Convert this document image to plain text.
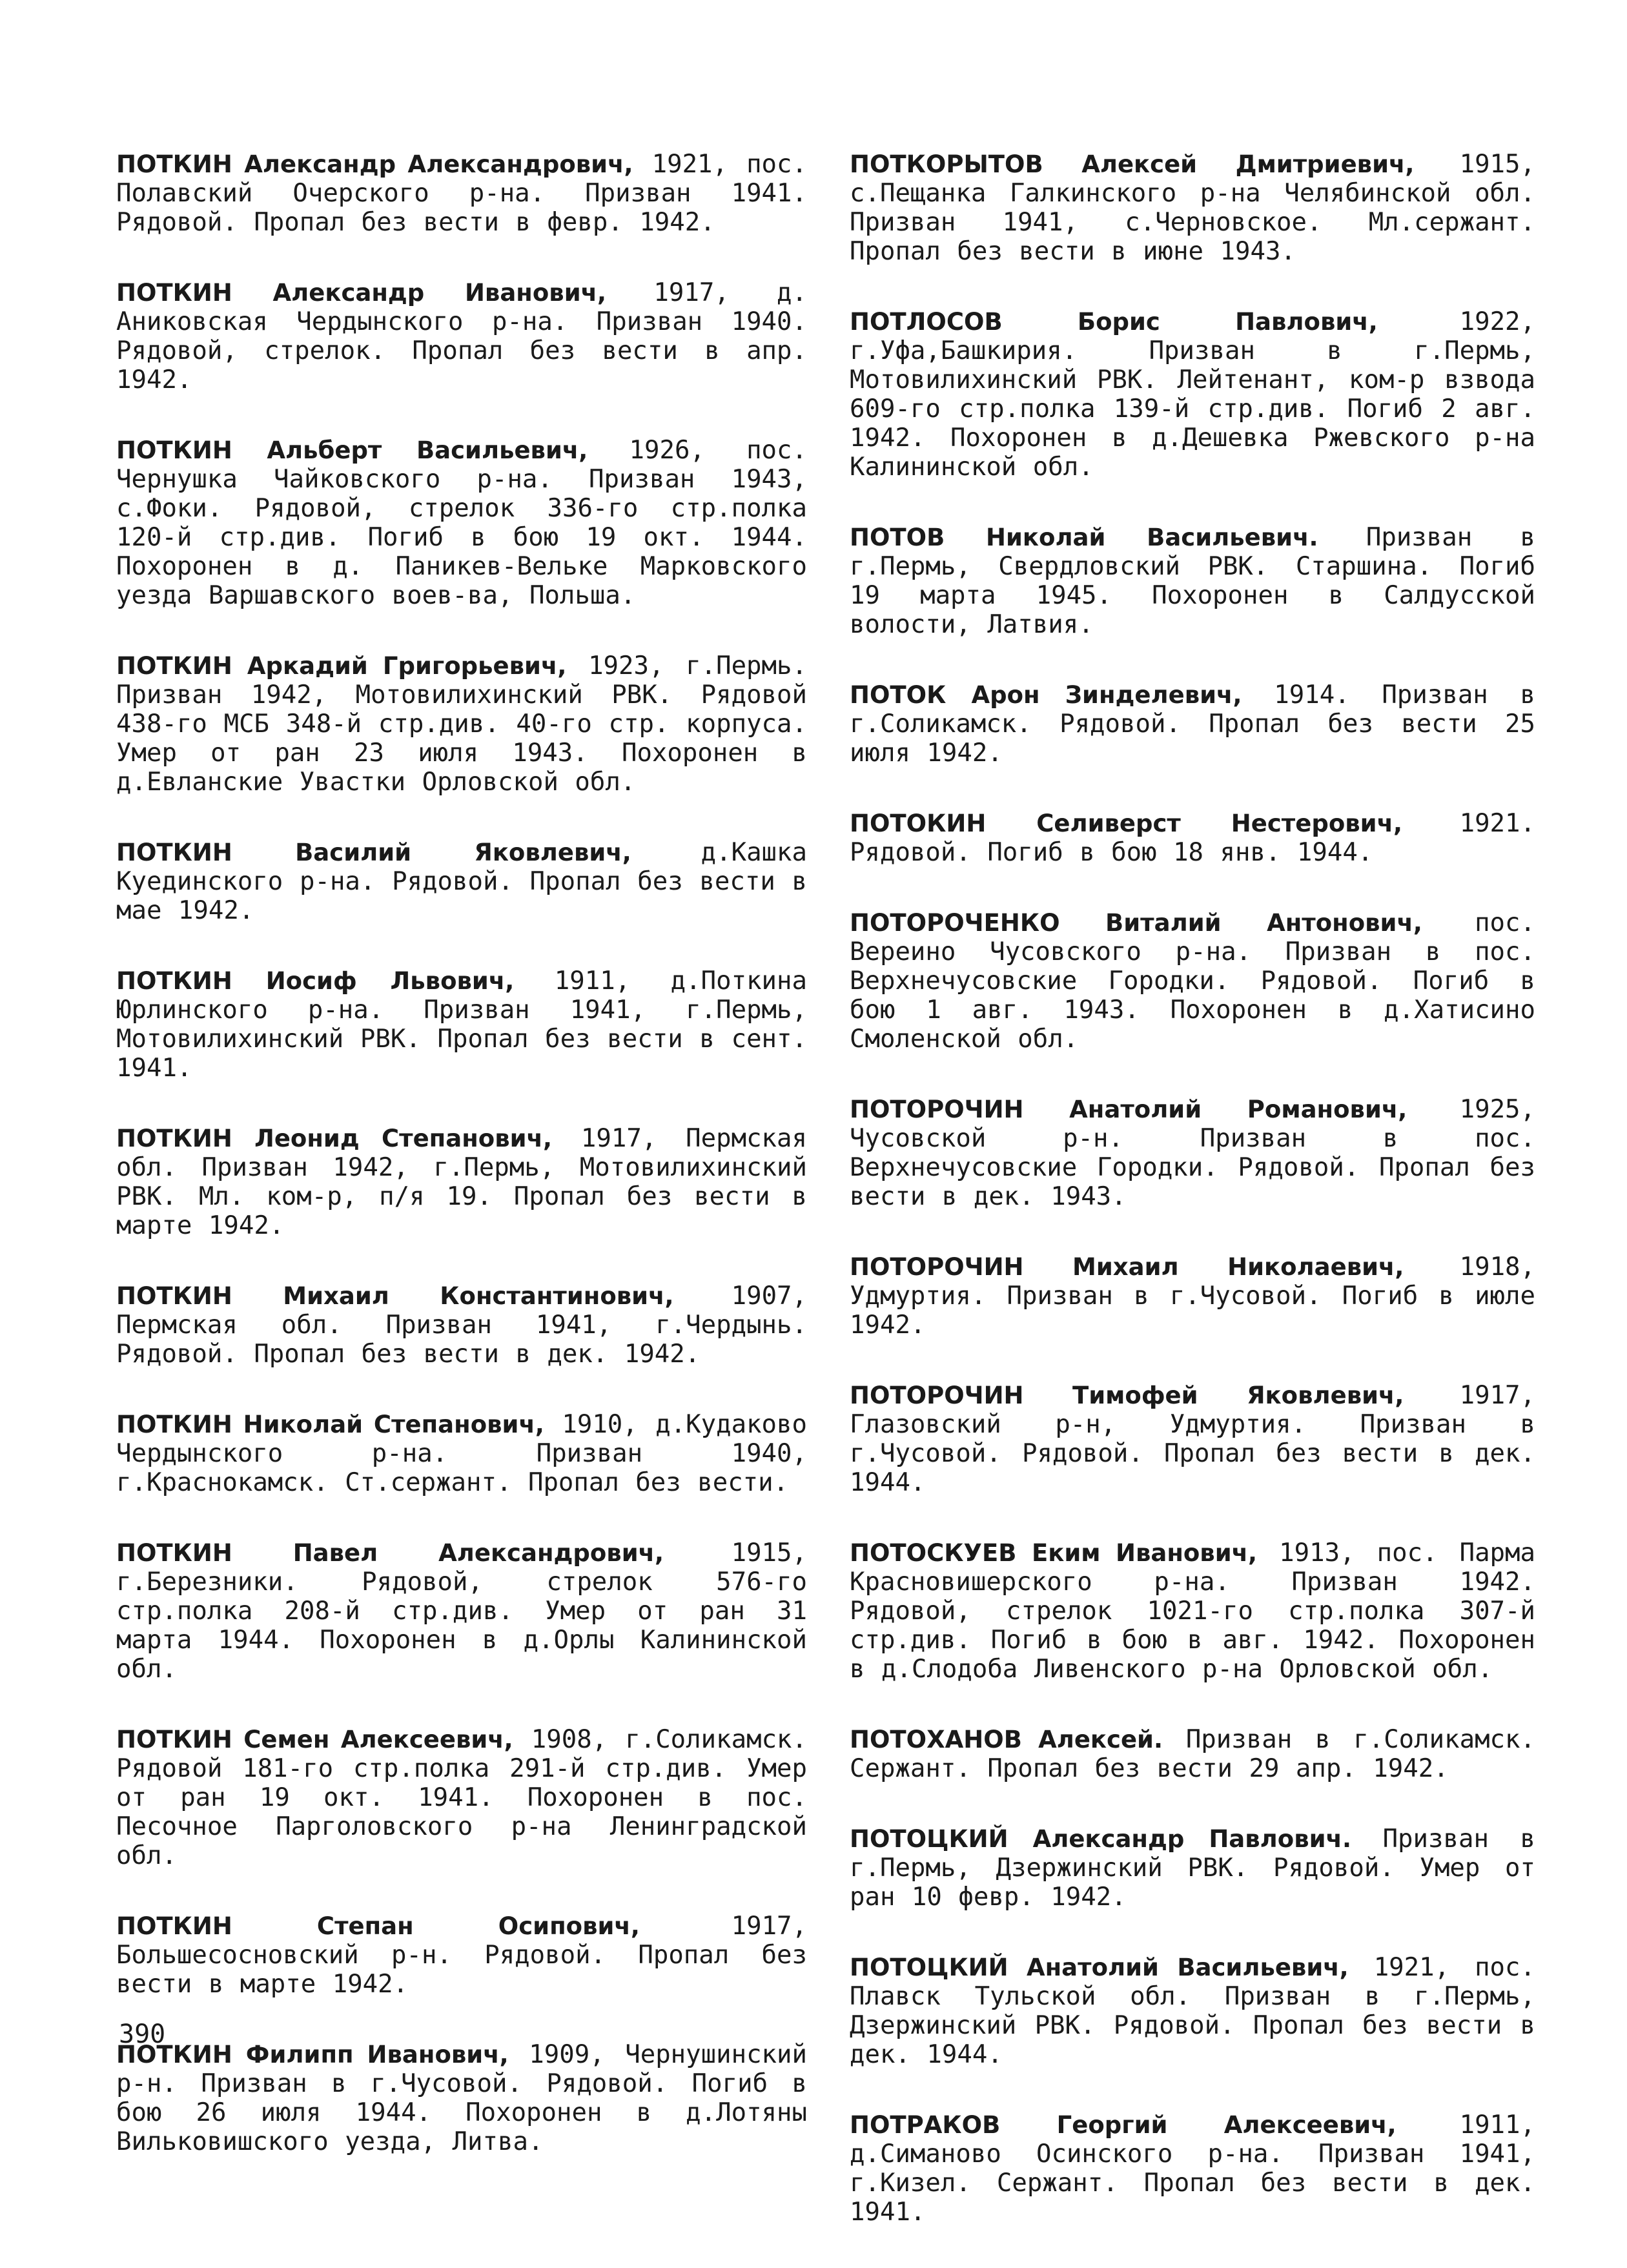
ПОТКИН Александр Александрович, 1921, пос. Полавский Очерского р-на. Призван 1941. Рядовой. Пропал без вести в февр. 1942.

ПОТКИН Александр Иванович, 1917, д. Аниковская Чердынского р-на. Призван 1940. Рядовой, стрелок. Пропал без вести в апр. 1942.

ПОТКИН Альберт Васильевич, 1926, пос. Чернушка Чайковского р-на. Призван 1943, с.Фоки. Рядовой, стрелок 336-го стр.полка 120-й стр.див. Погиб в бою 19 окт. 1944. Похоронен в д. Паникев-Вельке Марковского уезда Варшавского воев-ва, Польша.

ПОТКИН Аркадий Григорьевич, 1923, г.Пермь. Призван 1942, Мотовилихинский РВК. Рядовой 438-го МСБ 348-й стр.див. 40-го стр. корпуса. Умер от ран 23 июля 1943. Похоронен в д.Евланские Увастки Орловской обл.

ПОТКИН Василий Яковлевич,	д.Кашка Куединского р-на. Рядовой. Пропал без вести в мае 1942.

ПОТКИН Иосиф Львович, 1911, д.Поткина Юрлинского р-на. Призван 1941, г.Пермь, Мотовилихинский РВК. Пропал без вести в сент. 1941.

ПОТКИН Леонид Степанович, 1917, Пермская обл. Призван 1942, г.Пермь, Мотовилихинский РВК. Мл. ком-р, п/я 19. Пропал без вести в марте 1942.

ПОТКИН Михаил Константинович, 1907, Пермская обл. Призван 1941, г.Чердынь. Рядовой. Пропал без вести в дек. 1942.

ПОТКИН Николай Степанович, 1910, д.Кудаково Чердынского р-на. Призван 1940, г.Краснокамск. Ст.сержант. Пропал без вести.

ПОТКИН Павел Александрович,	1915, г.Березники. Рядовой, стрелок 576-го стр.полка 208-й стр.див. Умер от ран 31 марта 1944. Похоронен в д.Орлы Калининской обл.

ПОТКИН Семен Алексеевич, 1908, г.Соликамск. Рядовой 181-го стр.полка 291-й стр.див. Умер от ран 19 окт. 1941. Похоронен в пос. Песочное Парголовского р-на Ленинградской обл.

ПОТКИН Степан Осипович,	1917, Большесосновский р-н. Рядовой. Пропал без вести в марте 1942.

ПОТКИН Филипп Иванович, 1909, Чернушинский р-н. Призван в г.Чусовой. Рядовой. Погиб в бою 26 июля 1944. Похоронен в д.Лотяны Вильковишского уезда, Литва.

ПОТКОРЫТОВ Алексей Дмитриевич, 1915, с.Пещанка Галкинского р-на Челябинской обл. Призван 1941, с.Черновское. Мл.сержант. Пропал без вести в июне 1943.

ПОТЛОСОВ Борис Павлович,	1922, г.Уфа,Башкирия. Призван в г.Пермь, Мотовилихинский РВК. Лейтенант, ком-р взвода 609-го стр.полка 139-й стр.див. Погиб 2 авг. 1942. Похоронен в д.Дешевка Ржевского р-на Калининской обл.

ПОТОВ Николай Васильевич. Призван в г.Пермь, Свердловский РВК. Старшина. Погиб 19 марта 1945. Похоронен в Салдусской волости, Латвия.

ПОТОК Арон Зинделевич, 1914. Призван в г.Соликамск. Рядовой. Пропал без вести 25 июля 1942.

ПОТОКИН Селиверст Нестерович, 1921. Рядовой. Погиб в бою 18 янв. 1944.

ПОТОРОЧЕНКО Виталий Антонович, пос. Вереино Чусовского р-на. Призван в пос. Верхнечусовские Городки. Рядовой. Погиб в бою 1 авг. 1943. Похоронен в д.Хатисино Смоленской обл.

ПОТОРОЧИН Анатолий Романович, 1925, Чусовской р-н. Призван в пос. Верхнечусовские Городки. Рядовой. Пропал без вести в дек. 1943.

ПОТОРОЧИН Михаил Николаевич, 1918, Удмуртия. Призван в г.Чусовой. Погиб в июле 1942.

ПОТОРОЧИН Тимофей Яковлевич, 1917, Глазовский р-н, Удмуртия. Призван в г.Чусовой. Рядовой. Пропал без вести в дек. 1944.

ПОТОСКУЕВ Еким Иванович, 1913, пос. Парма Красновишерского р-на. Призван 1942. Рядовой, стрелок 1021-го стр.полка 307-й стр.див. Погиб в бою в авг. 1942. Похоронен в д.Слодоба Ливенского р-на Орловской обл.

ПОТОХАНОВ Алексей. Призван в г.Соликамск. Сержант. Пропал без вести 29 апр. 1942.

ПОТОЦКИЙ Александр Павлович. Призван в г.Пермь, Дзержинский РВК. Рядовой. Умер от ран 10 февр. 1942.

ПОТОЦКИЙ Анатолий Васильевич, 1921, пос. Плавск Тульской обл. Призван в г.Пермь, Дзержинский РВК. Рядовой. Пропал без вести в дек. 1944.

ПОТРАКОВ Георгий Алексеевич,	1911, д.Симаново Осинского р-на. Призван 1941, г.Кизел. Сержант. Пропал без вести в дек. 1941.

390
